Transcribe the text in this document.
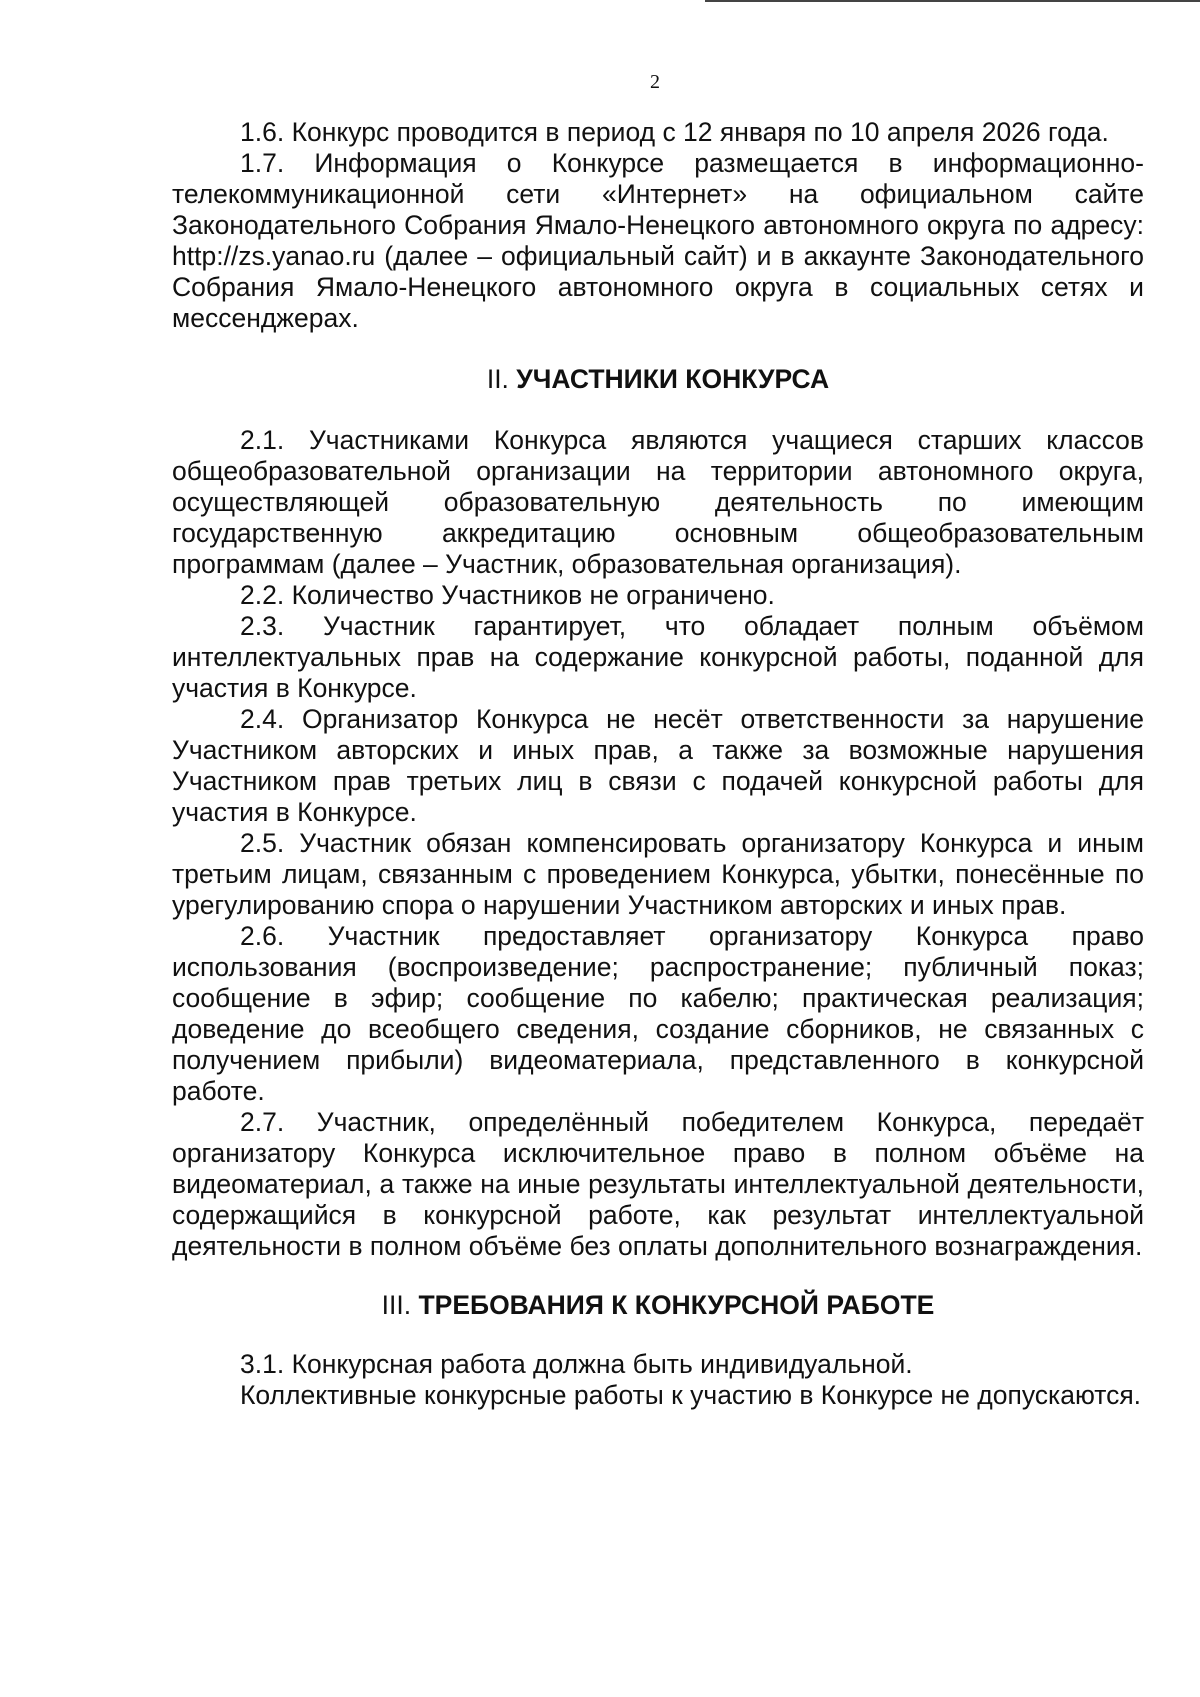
2

1.6. Конкурс проводится в период с 12 января по 10 апреля 2026 года.

1.7. Информация о Конкурсе размещается в информационно-телекоммуникационной сети «Интернет» на официальном сайте Законодательного Собрания Ямало-Ненецкого автономного округа по адресу: http://zs.yanao.ru (далее – официальный сайт) и в аккаунте Законодательного Собрания Ямало-Ненецкого автономного округа в социальных сетях и мессенджерах.

II. УЧАСТНИКИ КОНКУРСА

2.1. Участниками Конкурса являются учащиеся старших классов общеобразовательной организации на территории автономного округа, осуществляющей образовательную деятельность по имеющим государственную аккредитацию основным общеобразовательным программам (далее – Участник, образовательная организация).

2.2. Количество Участников не ограничено.

2.3. Участник гарантирует, что обладает полным объёмом интеллектуальных прав на содержание конкурсной работы, поданной для участия в Конкурсе.

2.4. Организатор Конкурса не несёт ответственности за нарушение Участником авторских и иных прав, а также за возможные нарушения Участником прав третьих лиц в связи с подачей конкурсной работы для участия в Конкурсе.

2.5. Участник обязан компенсировать организатору Конкурса и иным третьим лицам, связанным с проведением Конкурса, убытки, понесённые по урегулированию спора о нарушении Участником авторских и иных прав.

2.6. Участник предоставляет организатору Конкурса право использования (воспроизведение; распространение; публичный показ; сообщение в эфир; сообщение по кабелю; практическая реализация; доведение до всеобщего сведения, создание сборников, не связанных с получением прибыли) видеоматериала, представленного в конкурсной работе.

2.7. Участник, определённый победителем Конкурса, передаёт организатору Конкурса исключительное право в полном объёме на видеоматериал, а также на иные результаты интеллектуальной деятельности, содержащийся в конкурсной работе, как результат интеллектуальной деятельности в полном объёме без оплаты дополнительного вознаграждения.

III. ТРЕБОВАНИЯ К КОНКУРСНОЙ РАБОТЕ

3.1. Конкурсная работа должна быть индивидуальной.

Коллективные конкурсные работы к участию в Конкурсе не допускаются.
